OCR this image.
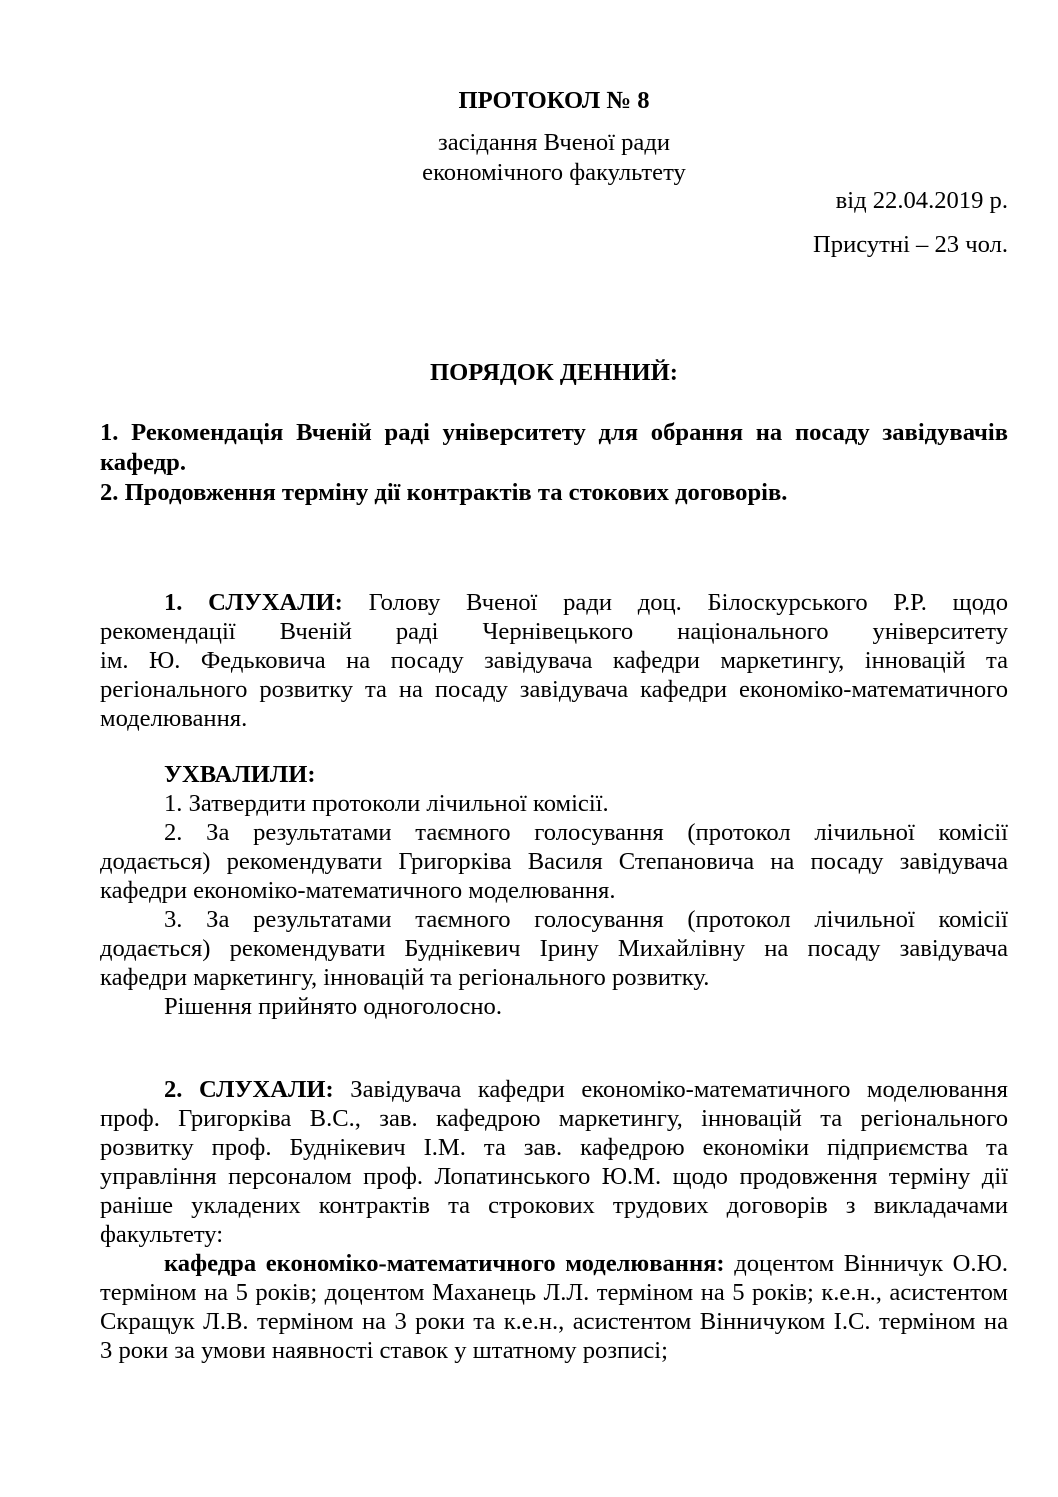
ПРОТОКОЛ № 8
засідання Вченої ради
економічного факультету
від 22.04.2019 р.
Присутні – 23 чол.
ПОРЯДОК ДЕННИЙ:
1. Рекомендація Вченій раді університету для обрання на посаду завідувачів
кафедр.
2. Продовження терміну дії контрактів та стокових договорів.
1. СЛУХАЛИ: Голову Вченої ради доц. Білоскурського Р.Р. щодо
рекомендації Вченій раді Чернівецького національного університету
ім. Ю. Федьковича на посаду завідувача кафедри маркетингу, інновацій та
регіонального розвитку та на посаду завідувача кафедри економіко-математичного
моделювання.
УХВАЛИЛИ:
1. Затвердити протоколи лічильної комісії.
2. За результатами таємного голосування (протокол лічильної комісії
додається) рекомендувати Григорківа Василя Степановича на посаду завідувача
кафедри економіко-математичного моделювання.
3. За результатами таємного голосування (протокол лічильної комісії
додається) рекомендувати Буднікевич Ірину Михайлівну на посаду завідувача
кафедри маркетингу, інновацій та регіонального розвитку.
Рішення прийнято одноголосно.
2. СЛУХАЛИ: Завідувача кафедри економіко-математичного моделювання
проф. Григорківа В.С., зав. кафедрою маркетингу, інновацій та регіонального
розвитку проф. Буднікевич І.М. та зав. кафедрою економіки підприємства та
управління персоналом проф. Лопатинського Ю.М. щодо продовження терміну дії
раніше укладених контрактів та строкових трудових договорів з викладачами
факультету:
кафедра економіко-математичного моделювання: доцентом Вінничук О.Ю.
терміном на 5 років; доцентом Маханець Л.Л. терміном на 5 років; к.е.н., асистентом
Скращук Л.В. терміном на 3 роки та к.е.н., асистентом Вінничуком І.С. терміном на
3 роки за умови наявності ставок у штатному розписі;
